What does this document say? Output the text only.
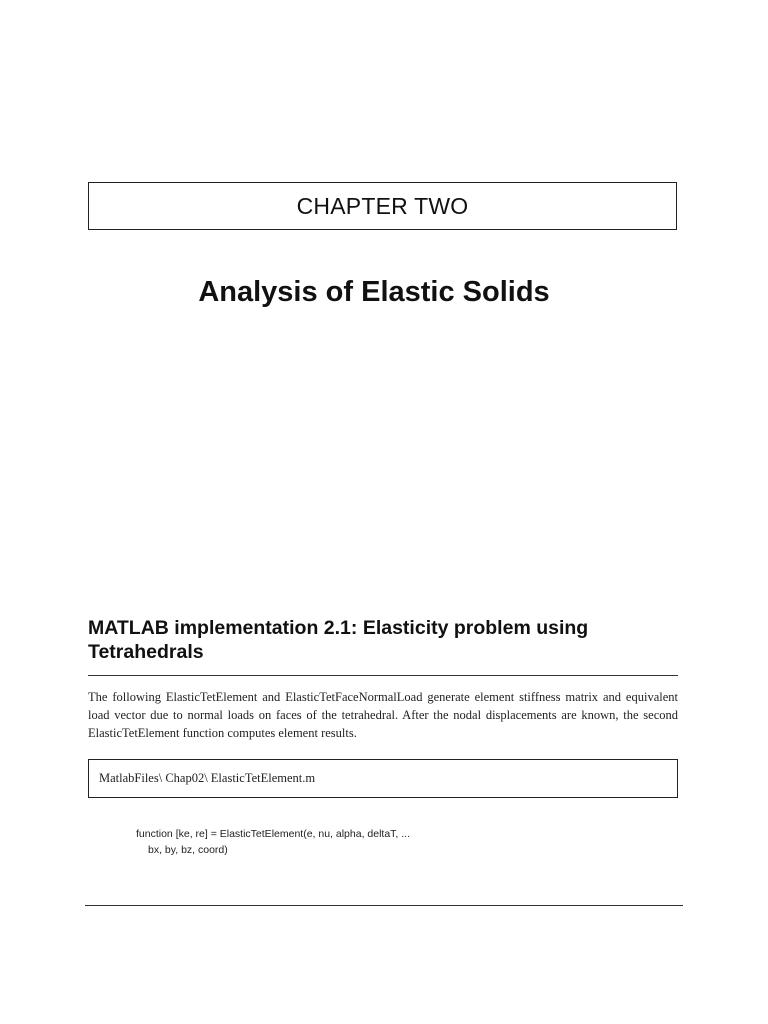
CHAPTER TWO
Analysis of Elastic Solids
MATLAB implementation 2.1: Elasticity problem using Tetrahedrals
The following ElasticTetElement and ElasticTetFaceNormalLoad generate element stiffness matrix and equivalent load vector due to normal loads on faces of the tetrahedral. After the nodal displacements are known, the second ElasticTetElement function computes element results.
MatlabFiles\ Chap02\ ElasticTetElement.m
function [ke, re] = ElasticTetElement(e, nu, alpha, deltaT, ...
bx, by, bz, coord)
